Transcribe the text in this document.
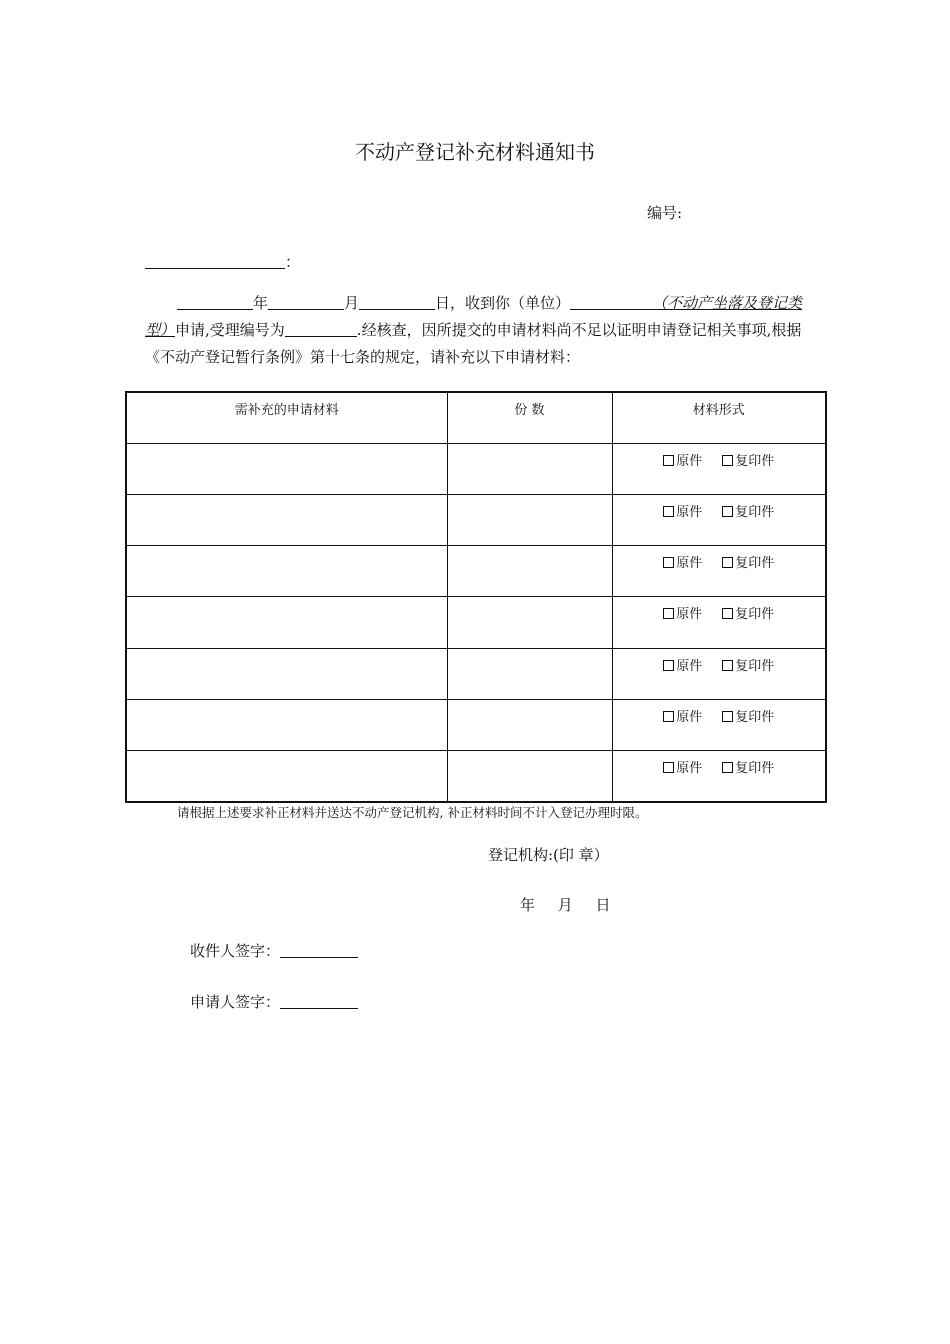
不动产登记补充材料通知书
编号:
：
年	月	日，收到你（单位）	（不动产坐落及登记类型）申请,受理编号为	.经核查，因所提交的申请材料尚不足以证明申请登记相关事项,根据《不动产登记暂行条例》第十七条的规定，请补充以下申请材料：
需补充的申请材料	份 数	材料形式
		原件 复印件
		原件 复印件
		原件 复印件
		原件 复印件
		原件 复印件
		原件 复印件
		原件 复印件
请根据上述要求补正材料并送达不动产登记机构, 补正材料时间不计入登记办理时限。
登记机构:(印 章）
年 月 日
收件人签字：
申请人签字：
